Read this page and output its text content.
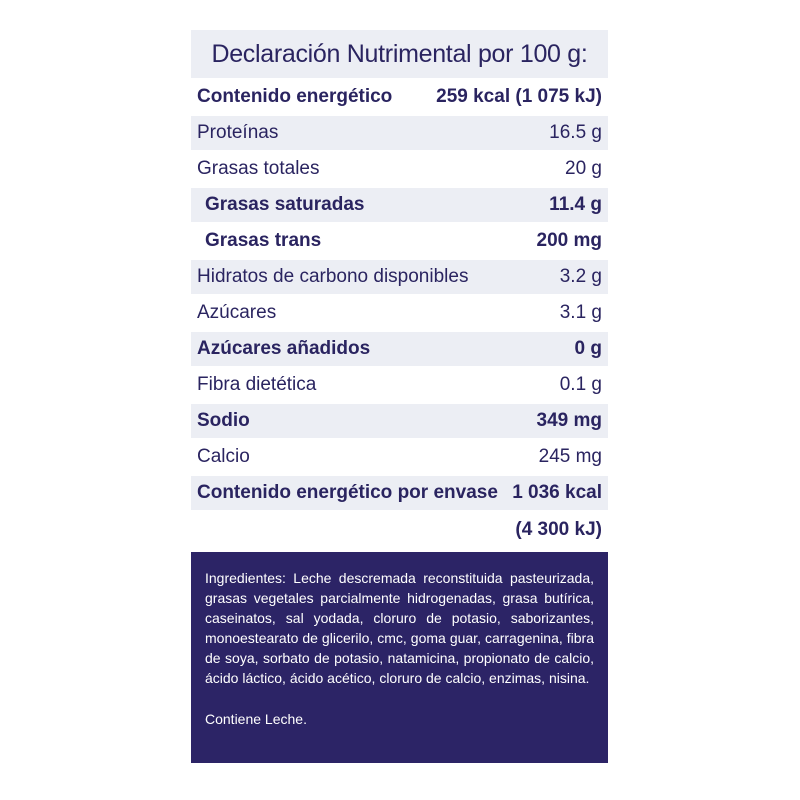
Declaración Nutrimental por 100 g:
Contenido energético 259 kcal (1 075 kJ)
Proteínas	16.5 g
Grasas totales	20 g
Grasas saturadas	11.4 g
Grasas trans	200 mg
Hidratos de carbono disponibles	3.2 g
Azúcares	3.1 g
Azúcares añadidos	0 g
Fibra dietética	0.1 g
Sodio	349 mg
Calcio	245 mg
Contenido energético por envase 1 036 kcal
(4 300 kJ)
Ingredientes: Leche descremada reconstituida pasteurizada, grasas vegetales parcialmente hidrogenadas, grasa butírica, caseinatos, sal yodada, cloruro de potasio, saborizantes, monoestearato de glicerilo, cmc, goma guar, carragenina, fibra de soya, sorbato de potasio, natamicina, propionato de calcio, ácido láctico, ácido acético, cloruro de calcio, enzimas, nisina.
Contiene Leche.
